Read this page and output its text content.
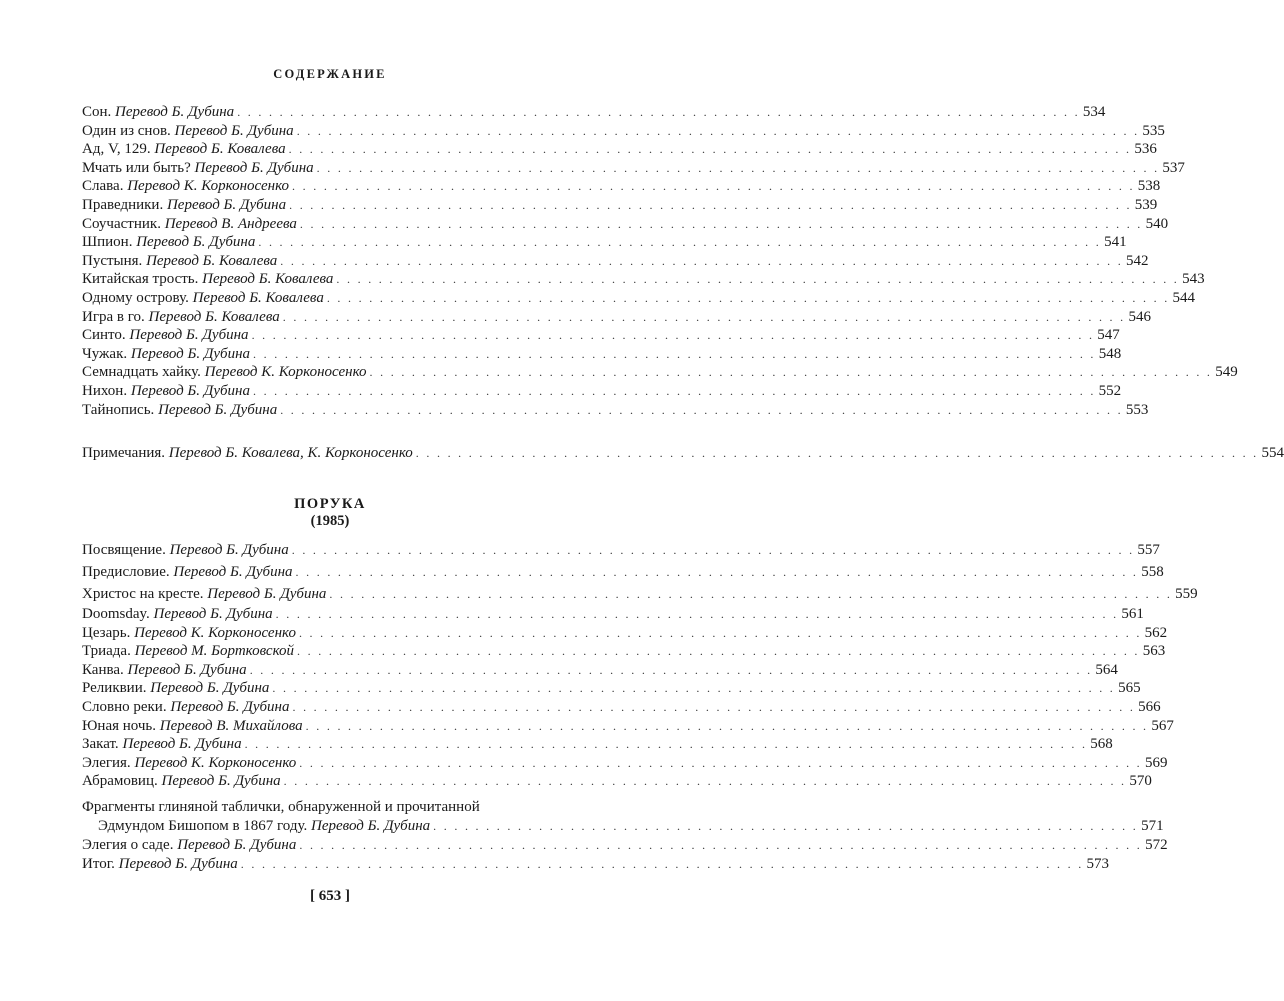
СОДЕРЖАНИЕ
Сон. Перевод Б. Дубина . . . . . . . . . . . . . . . . . . . . . . . . . . . . . . . . . . . . . . . . . . . . . . . . . . . . . . . . . . . . . . . . . . . . . . . . . . . . . . . . 534
Один из снов. Перевод Б. Дубина . . . . . . . . . . . . . . . . . . . . . . . . . . . . . . . . . . . . . . . . . . . . . . . . . . . . . . . . . . . . . . . . . . . . . . . . . . . . . . . . 535
Ад, V, 129. Перевод Б. Ковалева . . . . . . . . . . . . . . . . . . . . . . . . . . . . . . . . . . . . . . . . . . . . . . . . . . . . . . . . . . . . . . . . . . . . . . . . . . . . . . . . 536
Мчать или быть? Перевод Б. Дубина . . . . . . . . . . . . . . . . . . . . . . . . . . . . . . . . . . . . . . . . . . . . . . . . . . . . . . . . . . . . . . . . . . . . . . . . . . . . . . . . 537
Слава. Перевод К. Корконосенко . . . . . . . . . . . . . . . . . . . . . . . . . . . . . . . . . . . . . . . . . . . . . . . . . . . . . . . . . . . . . . . . . . . . . . . . . . . . . . . . 538
Праведники. Перевод Б. Дубина . . . . . . . . . . . . . . . . . . . . . . . . . . . . . . . . . . . . . . . . . . . . . . . . . . . . . . . . . . . . . . . . . . . . . . . . . . . . . . . . 539
Соучастник. Перевод В. Андреева . . . . . . . . . . . . . . . . . . . . . . . . . . . . . . . . . . . . . . . . . . . . . . . . . . . . . . . . . . . . . . . . . . . . . . . . . . . . . . . . 540
Шпион. Перевод Б. Дубина . . . . . . . . . . . . . . . . . . . . . . . . . . . . . . . . . . . . . . . . . . . . . . . . . . . . . . . . . . . . . . . . . . . . . . . . . . . . . . . . 541
Пустыня. Перевод Б. Ковалева . . . . . . . . . . . . . . . . . . . . . . . . . . . . . . . . . . . . . . . . . . . . . . . . . . . . . . . . . . . . . . . . . . . . . . . . . . . . . . . . 542
Китайская трость. Перевод Б. Ковалева . . . . . . . . . . . . . . . . . . . . . . . . . . . . . . . . . . . . . . . . . . . . . . . . . . . . . . . . . . . . . . . . . . . . . . . . . . . . . . . . 543
Одному острову. Перевод Б. Ковалева . . . . . . . . . . . . . . . . . . . . . . . . . . . . . . . . . . . . . . . . . . . . . . . . . . . . . . . . . . . . . . . . . . . . . . . . . . . . . . . . 544
Игра в го. Перевод Б. Ковалева . . . . . . . . . . . . . . . . . . . . . . . . . . . . . . . . . . . . . . . . . . . . . . . . . . . . . . . . . . . . . . . . . . . . . . . . . . . . . . . . 546
Синто. Перевод Б. Дубина . . . . . . . . . . . . . . . . . . . . . . . . . . . . . . . . . . . . . . . . . . . . . . . . . . . . . . . . . . . . . . . . . . . . . . . . . . . . . . . . 547
Чужак. Перевод Б. Дубина . . . . . . . . . . . . . . . . . . . . . . . . . . . . . . . . . . . . . . . . . . . . . . . . . . . . . . . . . . . . . . . . . . . . . . . . . . . . . . . . 548
Семнадцать хайку. Перевод К. Корконосенко . . . . . . . . . . . . . . . . . . . . . . . . . . . . . . . . . . . . . . . . . . . . . . . . . . . . . . . . . . . . . . . . . . . . . . . . . . . . . . . . 549
Нихон. Перевод Б. Дубина . . . . . . . . . . . . . . . . . . . . . . . . . . . . . . . . . . . . . . . . . . . . . . . . . . . . . . . . . . . . . . . . . . . . . . . . . . . . . . . . 552
Тайнопись. Перевод Б. Дубина . . . . . . . . . . . . . . . . . . . . . . . . . . . . . . . . . . . . . . . . . . . . . . . . . . . . . . . . . . . . . . . . . . . . . . . . . . . . . . . . 553
Примечания. Перевод Б. Ковалева, К. Корконосенко . . . . . . . . . . . . . . . . . . . . . . . . . . . . . . . . . . . . . . . . . . . . . . . . . . . . . . . . . . . . . . . . . . . . . . . . . . . . . . . . 554
ПОРУКА
(1985)
Посвящение. Перевод Б. Дубина . . . . . . . . . . . . . . . . . . . . . . . . . . . . . . . . . . . . . . . . . . . . . . . . . . . . . . . . . . . . . . . . . . . . . . . . . . . . . . . . 557
Предисловие. Перевод Б. Дубина . . . . . . . . . . . . . . . . . . . . . . . . . . . . . . . . . . . . . . . . . . . . . . . . . . . . . . . . . . . . . . . . . . . . . . . . . . . . . . . . 558
Христос на кресте. Перевод Б. Дубина . . . . . . . . . . . . . . . . . . . . . . . . . . . . . . . . . . . . . . . . . . . . . . . . . . . . . . . . . . . . . . . . . . . . . . . . . . . . . . . . 559
Doomsday. Перевод Б. Дубина . . . . . . . . . . . . . . . . . . . . . . . . . . . . . . . . . . . . . . . . . . . . . . . . . . . . . . . . . . . . . . . . . . . . . . . . . . . . . . . . 561
Цезарь. Перевод К. Корконосенко . . . . . . . . . . . . . . . . . . . . . . . . . . . . . . . . . . . . . . . . . . . . . . . . . . . . . . . . . . . . . . . . . . . . . . . . . . . . . . . . 562
Триада. Перевод М. Бортковской . . . . . . . . . . . . . . . . . . . . . . . . . . . . . . . . . . . . . . . . . . . . . . . . . . . . . . . . . . . . . . . . . . . . . . . . . . . . . . . . 563
Канва. Перевод Б. Дубина . . . . . . . . . . . . . . . . . . . . . . . . . . . . . . . . . . . . . . . . . . . . . . . . . . . . . . . . . . . . . . . . . . . . . . . . . . . . . . . . 564
Реликвии. Перевод Б. Дубина . . . . . . . . . . . . . . . . . . . . . . . . . . . . . . . . . . . . . . . . . . . . . . . . . . . . . . . . . . . . . . . . . . . . . . . . . . . . . . . . 565
Словно реки. Перевод Б. Дубина . . . . . . . . . . . . . . . . . . . . . . . . . . . . . . . . . . . . . . . . . . . . . . . . . . . . . . . . . . . . . . . . . . . . . . . . . . . . . . . . 566
Юная ночь. Перевод В. Михайлова . . . . . . . . . . . . . . . . . . . . . . . . . . . . . . . . . . . . . . . . . . . . . . . . . . . . . . . . . . . . . . . . . . . . . . . . . . . . . . . . 567
Закат. Перевод Б. Дубина . . . . . . . . . . . . . . . . . . . . . . . . . . . . . . . . . . . . . . . . . . . . . . . . . . . . . . . . . . . . . . . . . . . . . . . . . . . . . . . . 568
Элегия. Перевод К. Корконосенко . . . . . . . . . . . . . . . . . . . . . . . . . . . . . . . . . . . . . . . . . . . . . . . . . . . . . . . . . . . . . . . . . . . . . . . . . . . . . . . . 569
Абрамовиц. Перевод Б. Дубина . . . . . . . . . . . . . . . . . . . . . . . . . . . . . . . . . . . . . . . . . . . . . . . . . . . . . . . . . . . . . . . . . . . . . . . . . . . . . . . . 570
Фрагменты глиняной таблички, обнаруженной и прочитанной
Эдмундом Бишопом в 1867 году. Перевод Б. Дубина . . . . . . . . . . . . . . . . . . . . . . . . . . . . . . . . . . . . . . . . . . . . . . . . . . . . . . . . . . . . . . . . . . . 571
Элегия о саде. Перевод Б. Дубина . . . . . . . . . . . . . . . . . . . . . . . . . . . . . . . . . . . . . . . . . . . . . . . . . . . . . . . . . . . . . . . . . . . . . . . . . . . . . . . . 572
Итог. Перевод Б. Дубина . . . . . . . . . . . . . . . . . . . . . . . . . . . . . . . . . . . . . . . . . . . . . . . . . . . . . . . . . . . . . . . . . . . . . . . . . . . . . . . . 573
[ 653 ]
